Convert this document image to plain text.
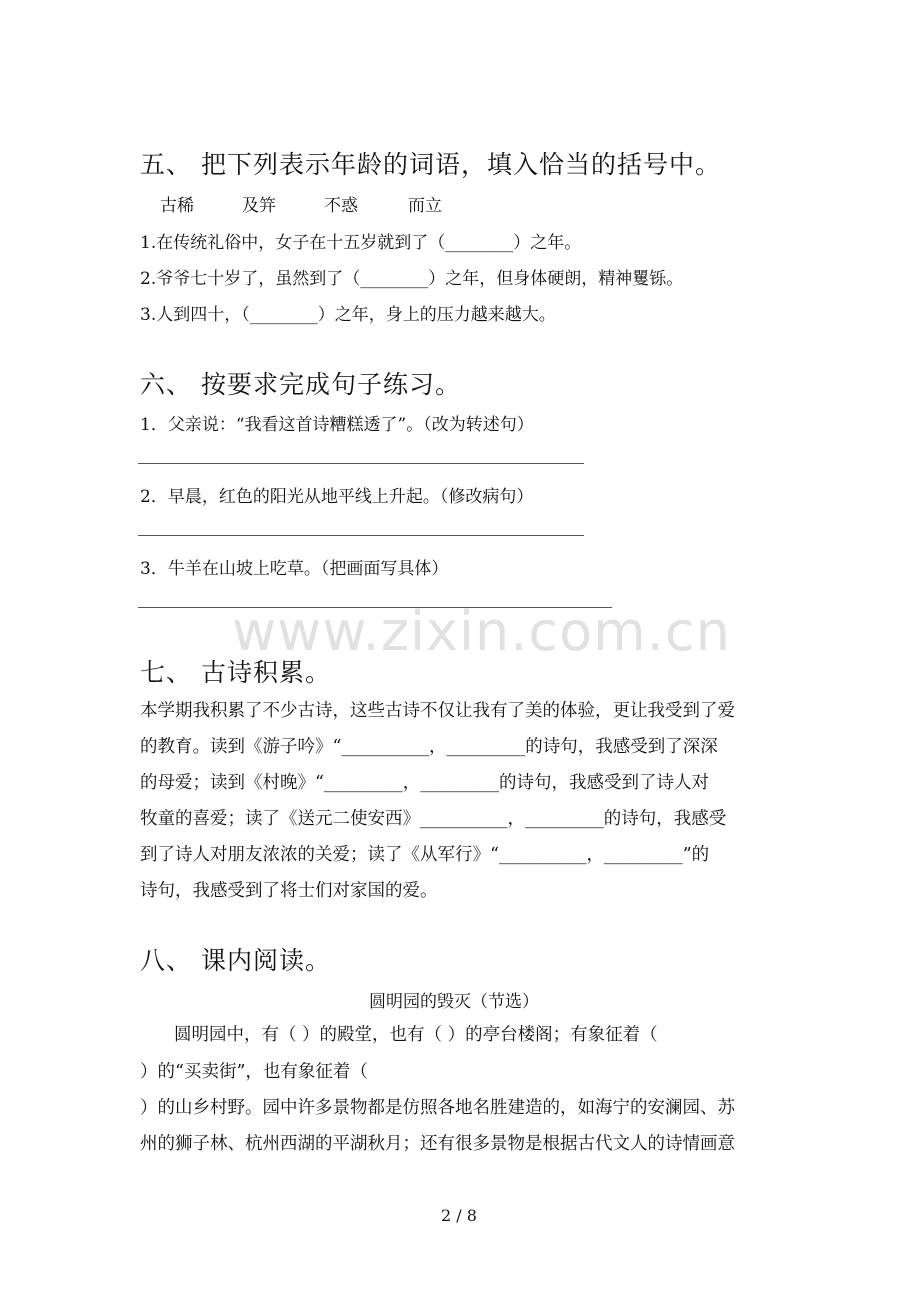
五、 把下列表示年龄的词语，填入恰当的括号中。
古稀	及笄	不惑	而立
1.在传统礼俗中，女子在十五岁就到了（________）之年。
2.爷爷七十岁了，虽然到了（________）之年，但身体硬朗，精神矍铄。
3.人到四十，（________）之年，身上的压力越来越大。
六、 按要求完成句子练习。
1．父亲说：“我看这首诗糟糕透了”。（改为转述句）
2．早晨，红色的阳光从地平线上升起。（修改病句）
3．牛羊在山坡上吃草。（把画面写具体）
www.zixin.com.cn
七、 古诗积累。
本学期我积累了不少古诗，这些古诗不仅让我有了美的体验，更让我受到了爱
的教育。读到《游子吟》“__________，_________的诗句，我感受到了深深
的母爱；读到《村晚》“_________，_________的诗句，我感受到了诗人对
牧童的喜爱；读了《送元二使安西》__________，_________的诗句，我感受
到了诗人对朋友浓浓的关爱；读了《从军行》“__________，_________”的
诗句，我感受到了将士们对家国的爱。
八、 课内阅读。
圆明园的毁灭（节选）
圆明园中，有（ ）的殿堂，也有（ ）的亭台楼阁；有象征着（
）的“买卖街”，也有象征着（
）的山乡村野。园中许多景物都是仿照各地名胜建造的，如海宁的安澜园、苏
州的狮子林、杭州西湖的平湖秋月；还有很多景物是根据古代文人的诗情画意
2 / 8
